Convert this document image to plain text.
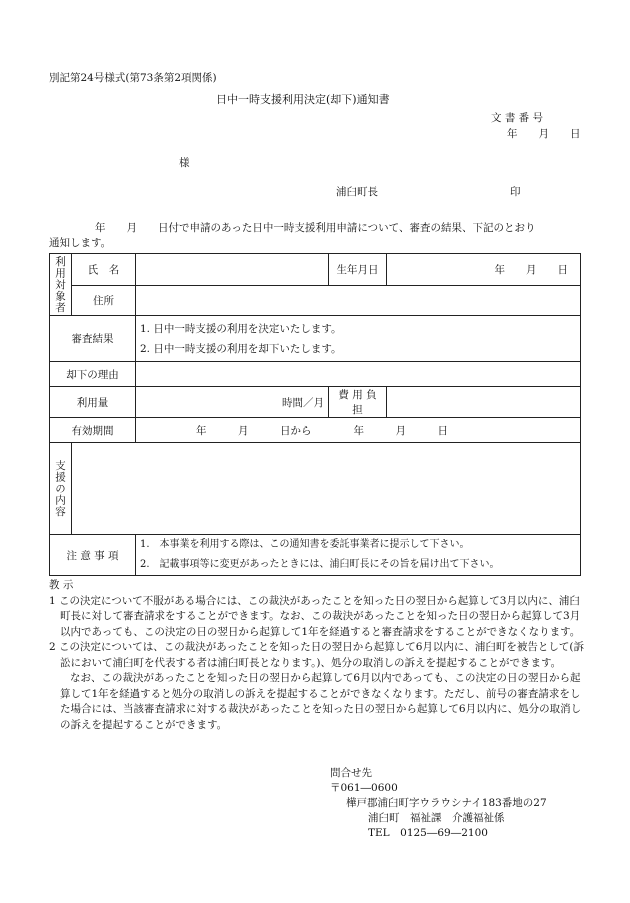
別記第24号様式(第73条第2項関係)
日中一時支援利用決定(却下)通知書
文 書 番 号
年　　月　　日
様
浦臼町長	印
年　　月　　日付で申請のあった日中一時支援利用申請について、審査の結果、下記のとおり
通知します。
利用対象者	氏　名		生年月日	年　　月　　日
	住所			
審査結果		1. 日中一時支援の利用を決定いたします。
2. 日中一時支援の利用を却下いたします。		

却下の理由				
利用量		時間／月	費 用 負 担	
有効期間		年　　　月　　　日から　　　　年　　　月　　　日		
支援の内容				
注 意 事 項		1.　本事業を利用する際は、この通知書を委託事業者に提示して下さい。
2.　記載事項等に変更があったときには、浦臼町長にその旨を届け出て下さい。		

教 示

1 この決定について不服がある場合には、この裁決があったことを知った日の翌日から起算して3月以内に、浦臼町長に対して審査請求をすることができます。なお、この裁決があったことを知った日の翌日から起算して3月以内であっても、この決定の日の翌日から起算して1年を経過すると審査請求をすることができなくなります。

2 この決定については、この裁決があったことを知った日の翌日から起算して6月以内に、浦臼町を被告として(訴訟において浦臼町を代表する者は浦臼町長となります。)、処分の取消しの訴えを提起することができます。

なお、この裁決があったことを知った日の翌日から起算して6月以内であっても、この決定の日の翌日から起算して1年を経過すると処分の取消しの訴えを提起することができなくなります。ただし、前号の審査請求をした場合には、当該審査請求に対する裁決があったことを知った日の翌日から起算して6月以内に、処分の取消しの訴えを提起することができます。

問合せ先
〒061―0600
樺戸郡浦臼町字ウラウシナイ183番地の27
浦臼町　福祉課　介護福祉係
TEL　0125―69―2100
